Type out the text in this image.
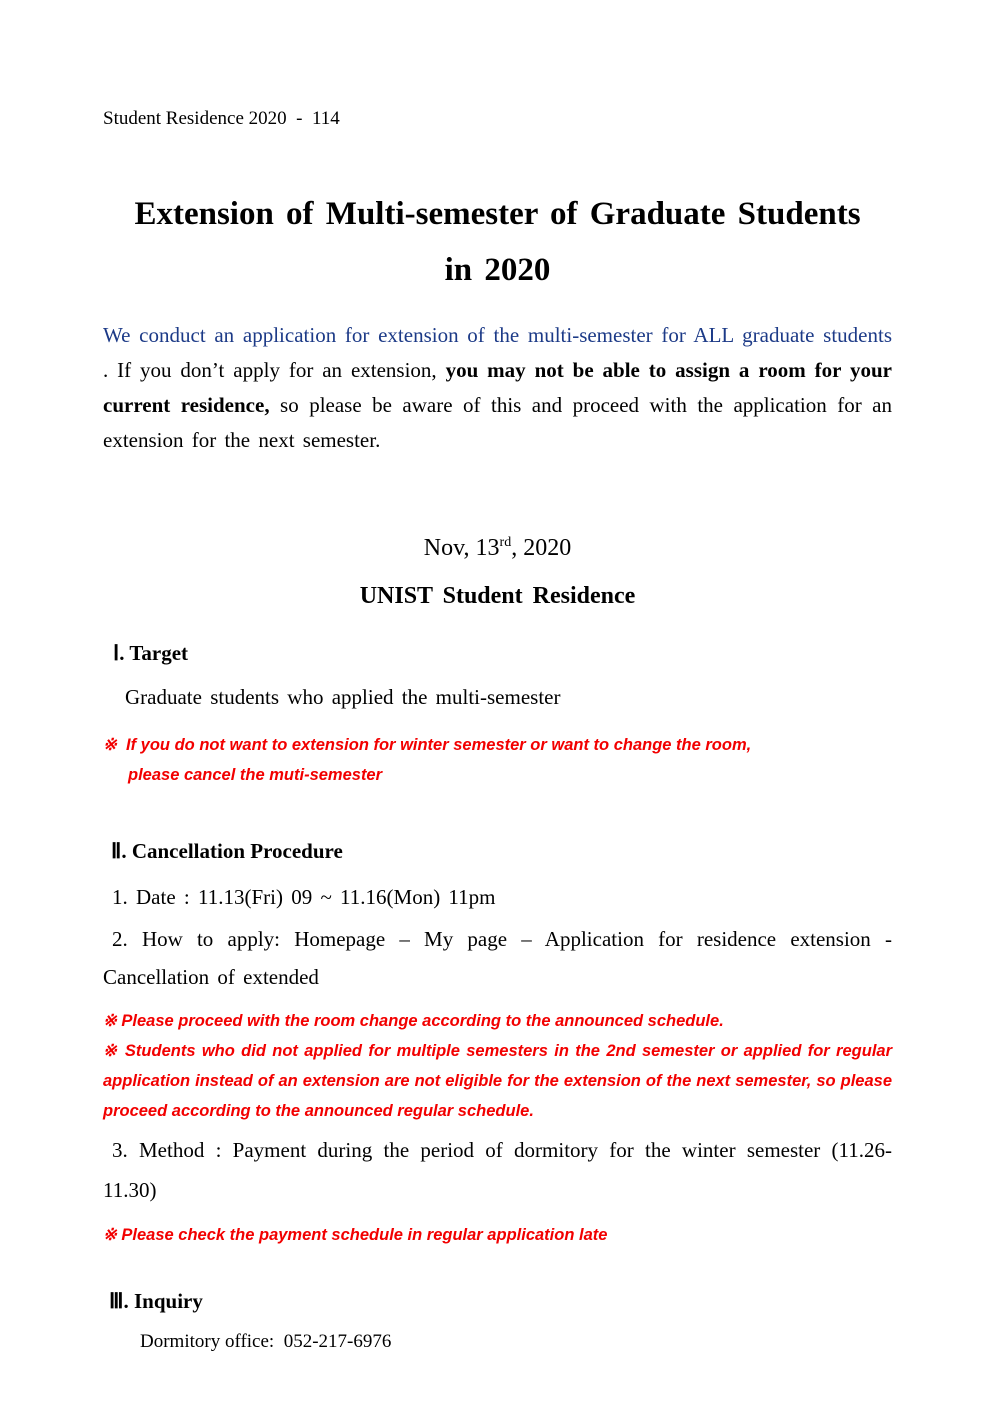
Student Residence 2020  -  114
Extension of Multi-semester of Graduate Students
in 2020

We conduct an application for extension of the multi-semester for ALL graduate students . If you don’t apply for an extension, you may not be able to assign a room for your current residence, so please be aware of this and proceed with the application for an extension for the next semester.

Nov, 13rd, 2020
UNIST Student Residence
Ⅰ. Target
Graduate students who applied the multi-semester
※  If you do not want to extension for winter semester or want to change the room,
please cancel the muti-semester
Ⅱ. Cancellation Procedure
1. Date : 11.13(Fri) 09 ~ 11.16(Mon) 11pm
2. How to apply: Homepage – My page – Application for residence extension - Cancellation of extended
※ Please proceed with the room change according to the announced schedule.
※ Students who did not applied for multiple semesters in the 2nd semester or applied for regular application instead of an extension are not eligible for the extension of the next semester, so please proceed according to the announced regular schedule.
3. Method : Payment during the period of dormitory for the winter semester (11.26-11.30)
※ Please check the payment schedule in regular application late
Ⅲ. Inquiry
Dormitory office:  052-217-6976
